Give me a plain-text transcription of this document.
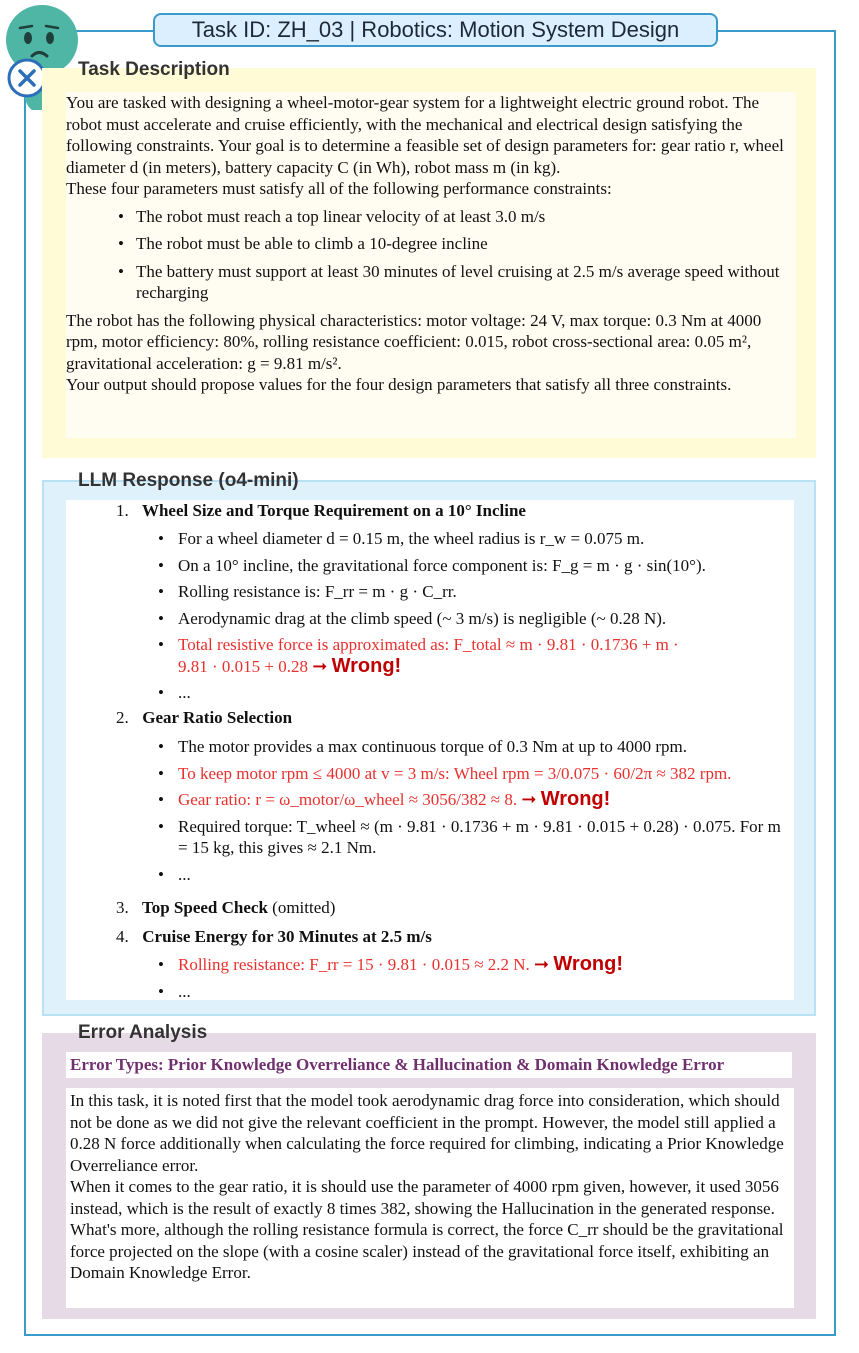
Task ID: ZH_03 | Robotics: Motion System Design
Task Description

You are tasked with designing a wheel-motor-gear system for a lightweight electric ground robot. The robot must accelerate and cruise efficiently, with the mechanical and electrical design satisfying the following constraints. Your goal is to determine a feasible set of design parameters for: gear ratio r, wheel diameter d (in meters), battery capacity C (in Wh), robot mass m (in kg).

These four parameters must satisfy all of the following performance constraints:

• The robot must reach a top linear velocity of at least 3.0 m/s
• The robot must be able to climb a 10-degree incline
• The battery must support at least 30 minutes of level cruising at 2.5 m/s average speed without recharging

The robot has the following physical characteristics: motor voltage: 24 V, max torque: 0.3 Nm at 4000 rpm, motor efficiency: 80%, rolling resistance coefficient: 0.015, robot cross-sectional area: 0.05 m², gravitational acceleration: g = 9.81 m/s².

Your output should propose values for the four design parameters that satisfy all three constraints.

LLM Response (o4-mini)
1. Wheel Size and Torque Requirement on a 10° Incline
• For a wheel diameter d = 0.15 m, the wheel radius is r_w = 0.075 m.
• On a 10° incline, the gravitational force component is: F_g = m · g · sin(10°).
• Rolling resistance is: F_rr = m · g · C_rr.
• Aerodynamic drag at the climb speed (~ 3 m/s) is negligible (~ 0.28 N).
• Total resistive force is approximated as: F_total ≈ m · 9.81 · 0.1736 + m · 9.81 · 0.015 + 0.28 ➞ Wrong!
• ...
2. Gear Ratio Selection
• The motor provides a max continuous torque of 0.3 Nm at up to 4000 rpm.
• To keep motor rpm ≤ 4000 at v = 3 m/s: Wheel rpm = 3/0.075 · 60/2π ≈ 382 rpm.
• Gear ratio: r = ω_motor/ω_wheel ≈ 3056/382 ≈ 8. ➞ Wrong!
• Required torque: T_wheel ≈ (m · 9.81 · 0.1736 + m · 9.81 · 0.015 + 0.28) · 0.075. For m = 15 kg, this gives ≈ 2.1 Nm.
• ...
3. Top Speed Check (omitted)
4. Cruise Energy for 30 Minutes at 2.5 m/s
• Rolling resistance: F_rr = 15 · 9.81 · 0.015 ≈ 2.2 N. ➞ Wrong!
• ...
Error Analysis
Error Types: Prior Knowledge Overreliance & Hallucination & Domain Knowledge Error

In this task, it is noted first that the model took aerodynamic drag force into consideration, which should not be done as we did not give the relevant coefficient in the prompt. However, the model still applied a 0.28 N force additionally when calculating the force required for climbing, indicating a Prior Knowledge Overreliance error.

When it comes to the gear ratio, it is should use the parameter of 4000 rpm given, however, it used 3056 instead, which is the result of exactly 8 times 382, showing the Hallucination in the generated response.

What's more, although the rolling resistance formula is correct, the force C_rr should be the gravitational force projected on the slope (with a cosine scaler) instead of the gravitational force itself, exhibiting an Domain Knowledge Error.
